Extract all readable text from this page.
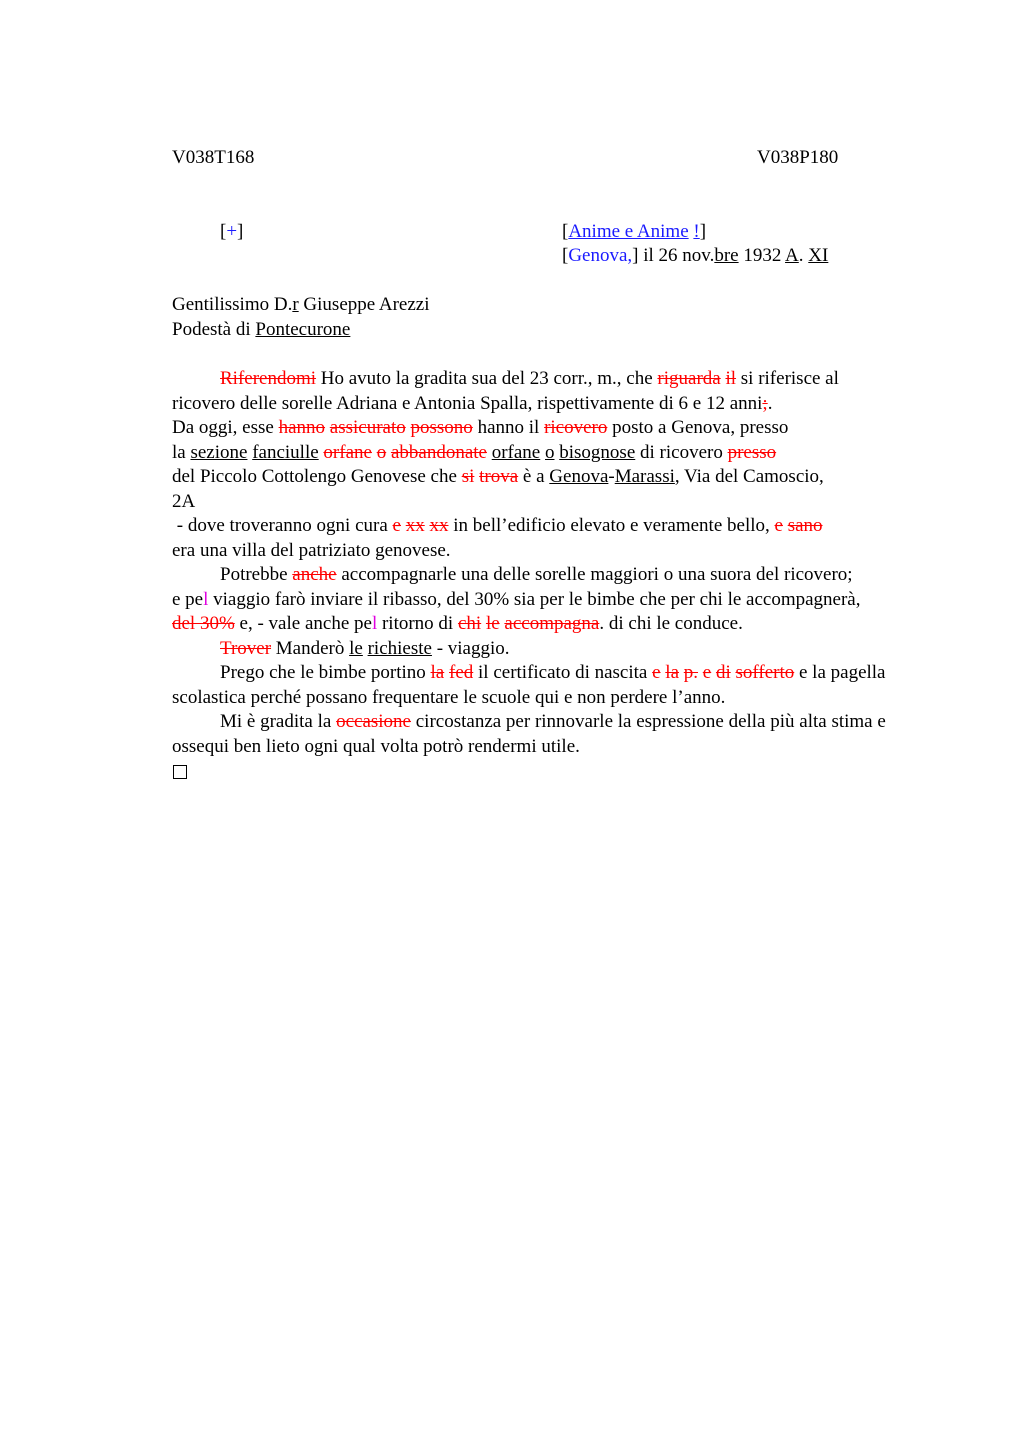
V038T168	V038P180
[+]	[Anime e Anime !]
[Genova,] il 26 nov.bre 1932 A. XI
Gentilissimo D.r Giuseppe Arezzi
Podestà di Pontecurone

Riferendomi Ho avuto la gradita sua del 23 corr., m., che riguarda il si riferisce al ricovero delle sorelle Adriana e Antonia Spalla, rispettivamente di 6 e 12 anni;.

Da oggi, esse hanno assicurato possono hanno il ricovero posto a Genova, presso

la sezione fanciulle orfane o abbandonate orfane o bisognose di ricovero presso

del Piccolo Cottolengo Genovese che si trova è a Genova-Marassi, Via del Camoscio,

2A

- dove troveranno ogni cura e xx xx in bell’edificio elevato e veramente bello, e sano

era una villa del patriziato genovese.

Potrebbe anche accompagnarle una delle sorelle maggiori o una suora del ricovero;

e pel viaggio farò inviare il ribasso, del 30% sia per le bimbe che per chi le accompagnerà,

del 30% e, - vale anche pel ritorno di chi le accompagna. di chi le conduce.

Trover Manderò le richieste - viaggio.

Prego che le bimbe portino la fed il certificato di nascita e la p. e di sofferto e la pagella scolastica perché possano frequentare le scuole qui e non perdere l’anno.

Mi è gradita la occasione circostanza per rinnovarle la espressione della più alta stima e ossequi ben lieto ogni qual volta potrò rendermi utile.
